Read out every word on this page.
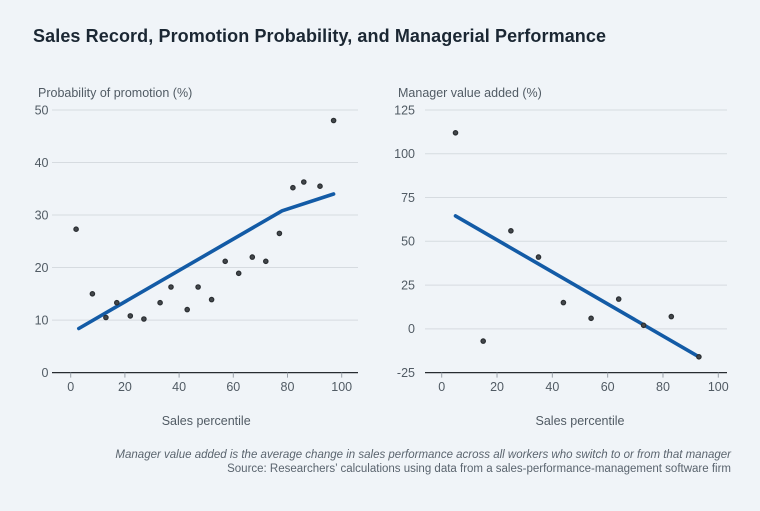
Sales Record, Promotion Probability, and Managerial Performance
0
10
20
30
40
50
0	20	40	60	80	100
Probability of promotion (%)
Sales percentile
-25
0
25
50
75
100
125
0	20	40	60	80	100
Manager value added (%)
Sales percentile
Manager value added is the average change in sales performance across all workers who switch to or from that manager
Source: Researchers’ calculations using data from a sales-performance-management software firm
